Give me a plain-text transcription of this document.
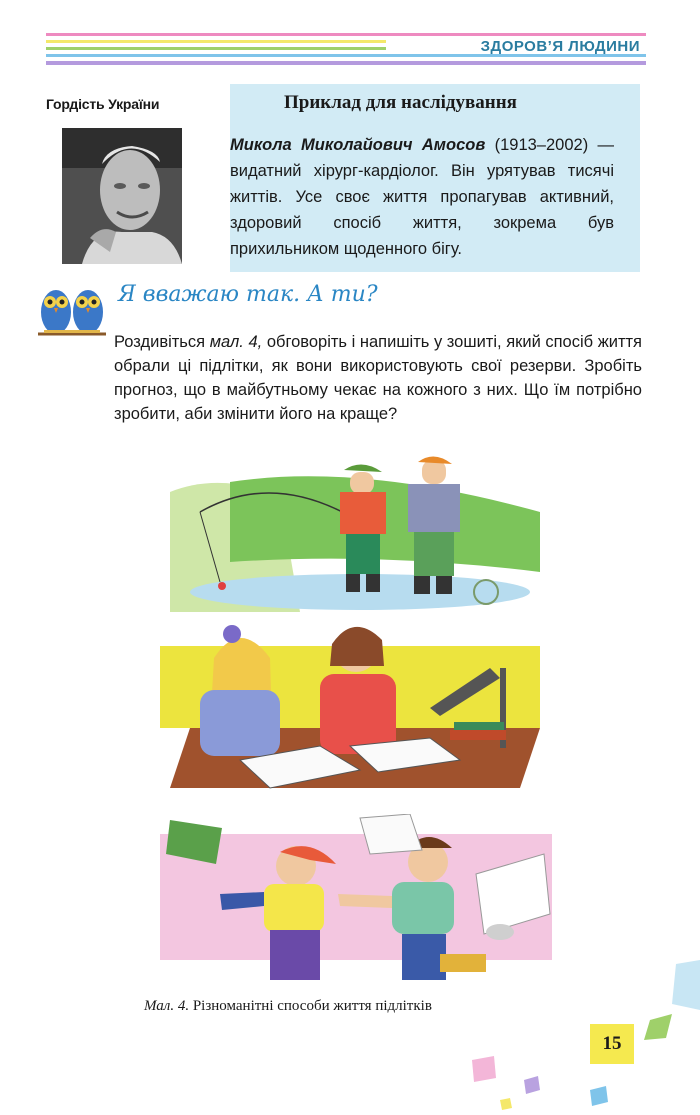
ЗДОРОВ’Я ЛЮДИНИ
Гордість України	Приклад для наслідування
Микола Миколайович Амосов (1913–2002) — видатний хірург-кардіолог. Він урятував тисячі життів. Усе своє життя пропагував активний, здоровий спосіб життя, зокрема був прихильником щоденного бігу.
Я вважаю так. А ти?
Роздивіться мал. 4, обговоріть і напишіть у зошиті, який спосіб життя обрали ці підлітки, як вони використовують свої резерви. Зробіть прогноз, що в майбутньому чекає на кожного з них. Що їм потрібно зробити, аби змінити його на краще?
Мал. 4. Різноманітні способи життя підлітків
15
